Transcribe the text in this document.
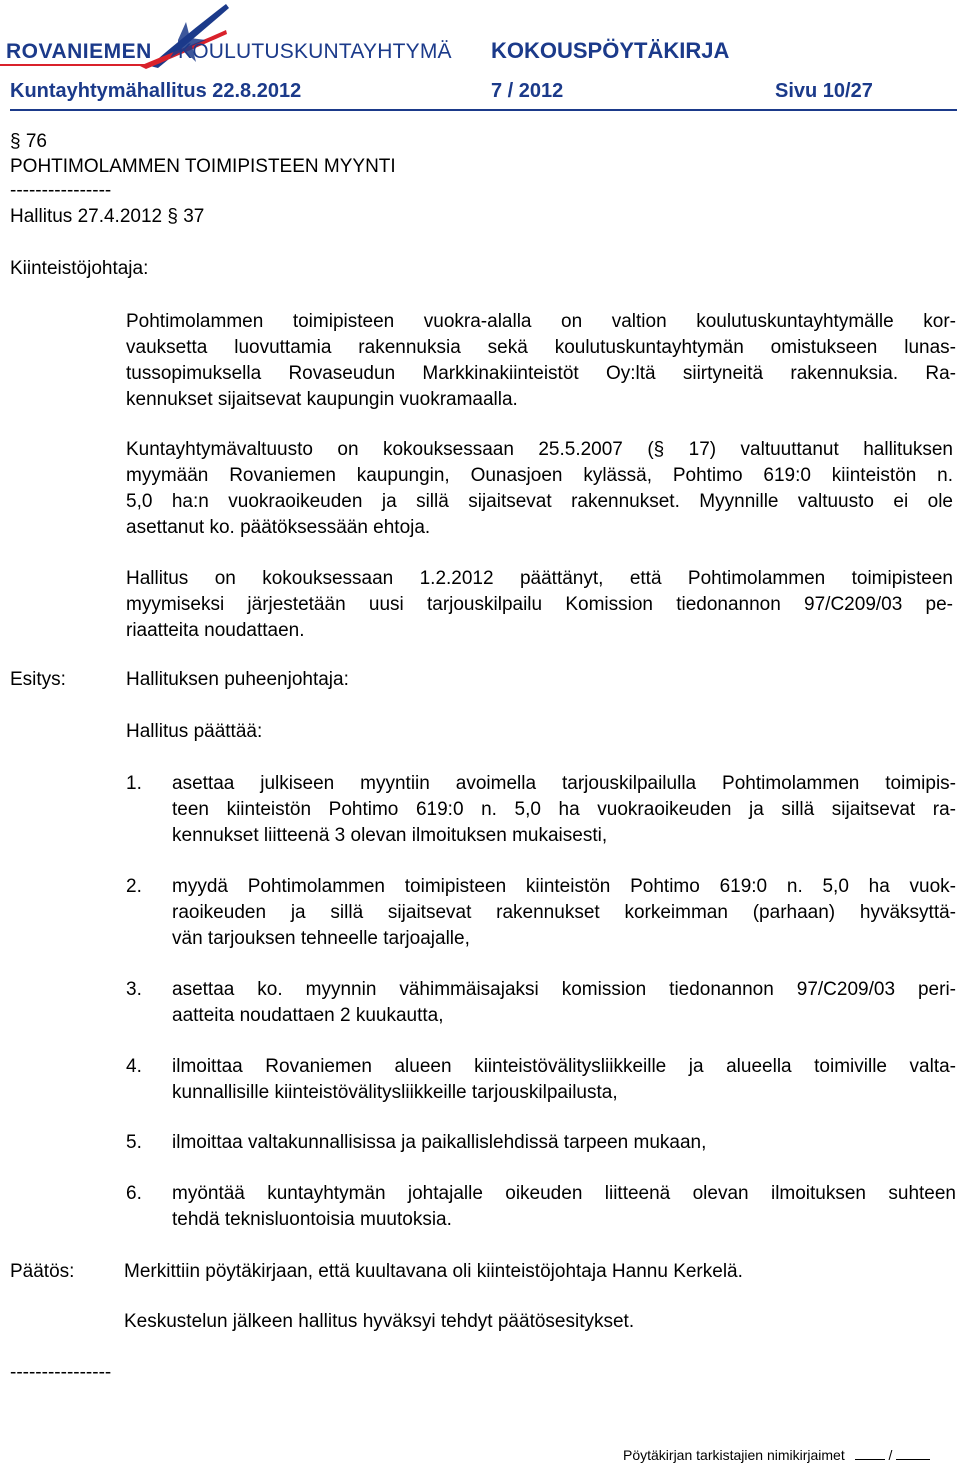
ROVANIEMEN KOULUTUSKUNTAYHTYMÄ KOKOUSPÖYTÄKIRJA
Kuntayhtymähallitus 22.8.2012	7 / 2012	Sivu 10/27
§ 76
POHTIMOLAMMEN TOIMIPISTEEN MYYNTI
----------------
Hallitus 27.4.2012 § 37
Kiinteistöjohtaja:
Pohtimolammen toimipisteen vuokra-alalla on valtion koulutuskuntayhtymälle kor-
vauksetta luovuttamia rakennuksia sekä koulutuskuntayhtymän omistukseen lunas-
tussopimuksella Rovaseudun Markkinakiinteistöt Oy:ltä siirtyneitä rakennuksia. Ra-
kennukset sijaitsevat kaupungin vuokramaalla.
Kuntayhtymävaltuusto on kokouksessaan 25.5.2007 (§ 17) valtuuttanut hallituksen
myymään Rovaniemen kaupungin, Ounasjoen kylässä, Pohtimo 619:0 kiinteistön n.
5,0 ha:n vuokraoikeuden ja sillä sijaitsevat rakennukset. Myynnille valtuusto ei ole
asettanut ko. päätöksessään ehtoja.
Hallitus on kokouksessaan 1.2.2012 päättänyt, että Pohtimolammen toimipisteen
myymiseksi järjestetään uusi tarjouskilpailu Komission tiedonannon 97/C209/03 pe-
riaatteita noudattaen.
Esitys:	Hallituksen puheenjohtaja:
Hallitus päättää:
1. asettaa julkiseen myyntiin avoimella tarjouskilpailulla Pohtimolammen toimipis-
teen kiinteistön Pohtimo 619:0 n. 5,0 ha vuokraoikeuden ja sillä sijaitsevat ra-
kennukset liitteenä 3 olevan ilmoituksen mukaisesti,
2. myydä Pohtimolammen toimipisteen kiinteistön Pohtimo 619:0 n. 5,0 ha vuok-
raoikeuden ja sillä sijaitsevat rakennukset korkeimman (parhaan) hyväksyttä-
vän tarjouksen tehneelle tarjoajalle,
3. asettaa ko. myynnin vähimmäisajaksi komission tiedonannon 97/C209/03 peri-
aatteita noudattaen 2 kuukautta,
4. ilmoittaa Rovaniemen alueen kiinteistövälitysliikkeille ja alueella toimiville valta-
kunnallisille kiinteistövälitysliikkeille tarjouskilpailusta,
5. ilmoittaa valtakunnallisissa ja paikallislehdissä tarpeen mukaan,
6. myöntää kuntayhtymän johtajalle oikeuden liitteenä olevan ilmoituksen suhteen
tehdä teknisluontoisia muutoksia.
Päätös:	Merkittiin pöytäkirjaan, että kuultavana oli kiinteistöjohtaja Hannu Kerkelä.
Keskustelun jälkeen hallitus hyväksyi tehdyt päätösesitykset.
----------------
Pöytäkirjan tarkistajien nimikirjaimet	/
